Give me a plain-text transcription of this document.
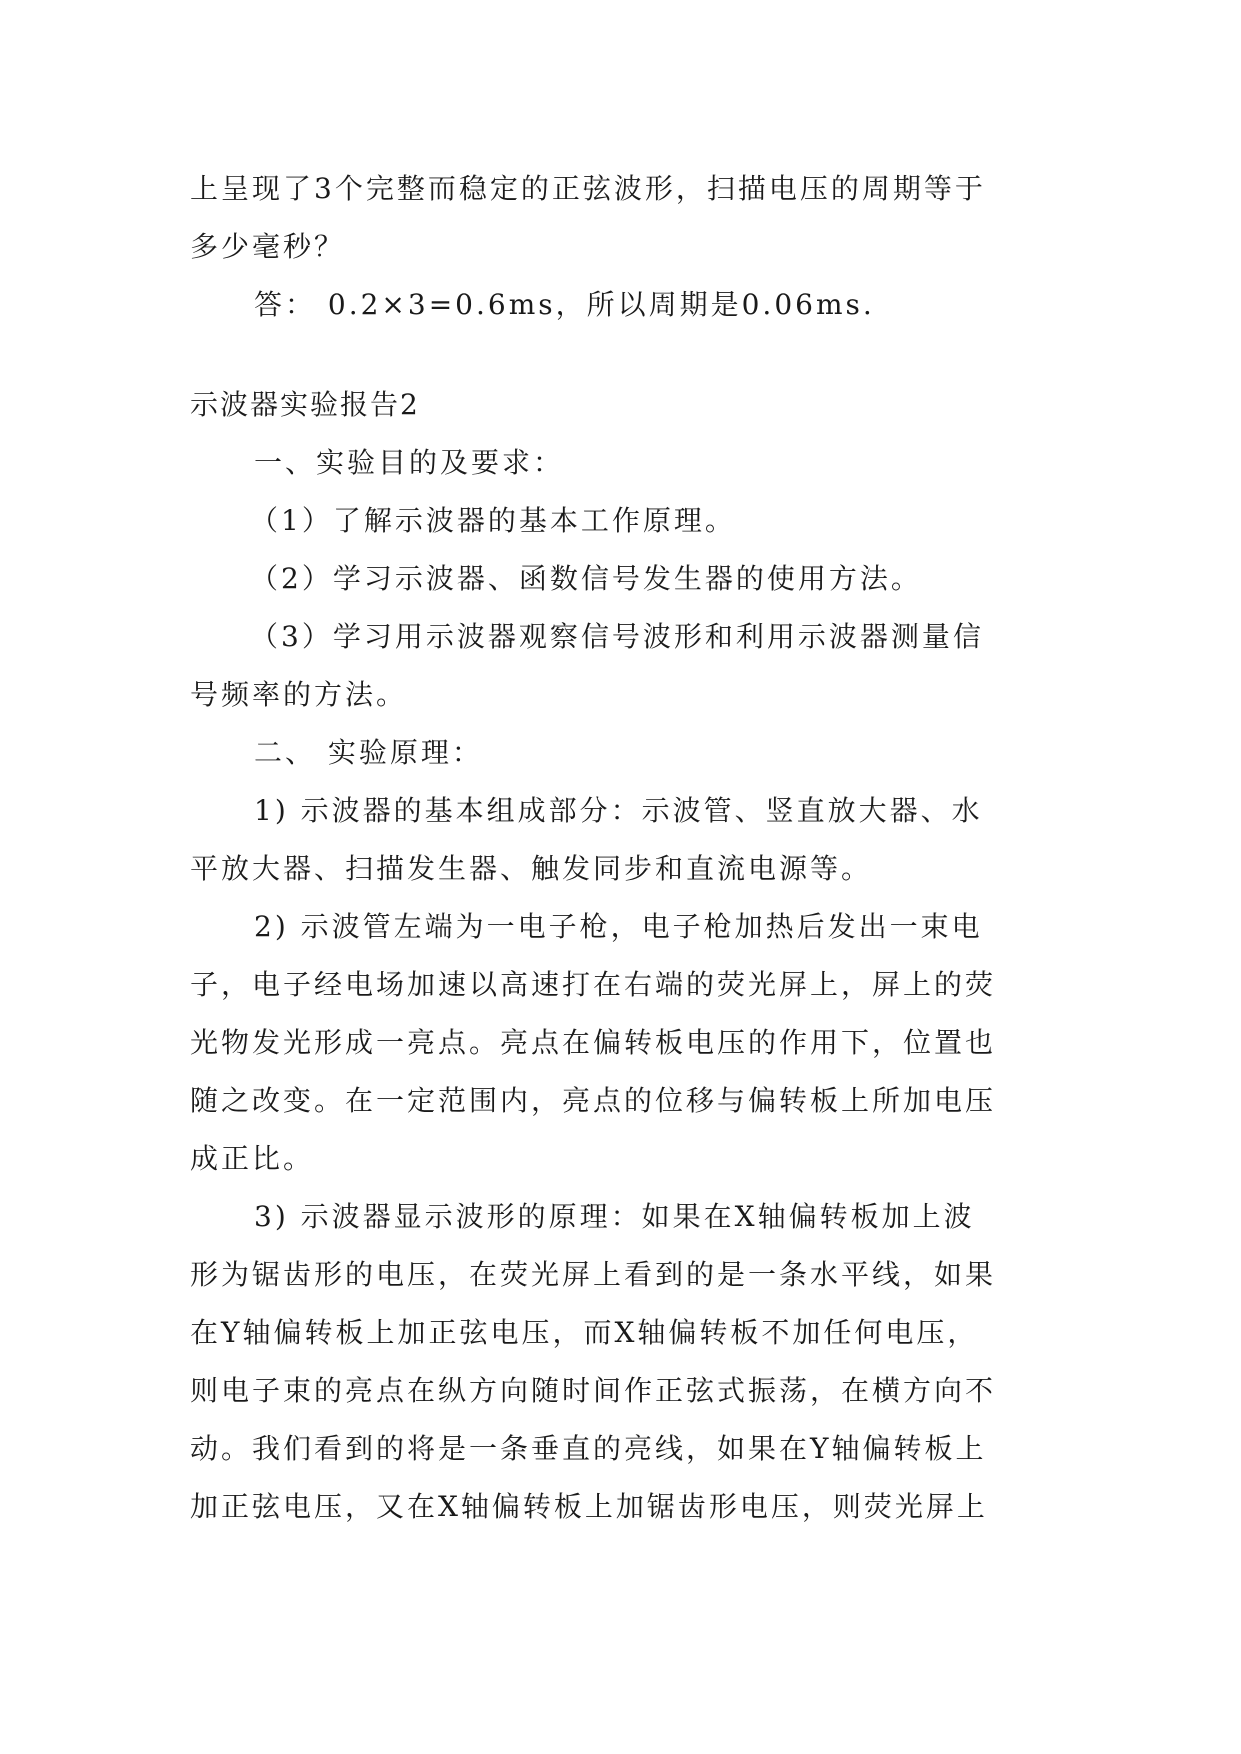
上呈现了3个完整而稳定的正弦波形，扫描电压的周期等于
多少毫秒？
答： 0.2×3=0.6ms，所以周期是0.06ms.
示波器实验报告2
一、实验目的及要求：
（1）了解示波器的基本工作原理。
（2）学习示波器、函数信号发生器的使用方法。
（3）学习用示波器观察信号波形和利用示波器测量信
号频率的方法。
二、 实验原理：
1) 示波器的基本组成部分：示波管、竖直放大器、水
平放大器、扫描发生器、触发同步和直流电源等。
2) 示波管左端为一电子枪，电子枪加热后发出一束电
子，电子经电场加速以高速打在右端的荧光屏上，屏上的荧
光物发光形成一亮点。亮点在偏转板电压的作用下，位置也
随之改变。在一定范围内，亮点的位移与偏转板上所加电压
成正比。
3) 示波器显示波形的原理：如果在X轴偏转板加上波
形为锯齿形的电压，在荧光屏上看到的是一条水平线，如果
在Y轴偏转板上加正弦电压，而X轴偏转板不加任何电压，
则电子束的亮点在纵方向随时间作正弦式振荡，在横方向不
动。我们看到的将是一条垂直的亮线，如果在Y轴偏转板上
加正弦电压，又在X轴偏转板上加锯齿形电压，则荧光屏上
